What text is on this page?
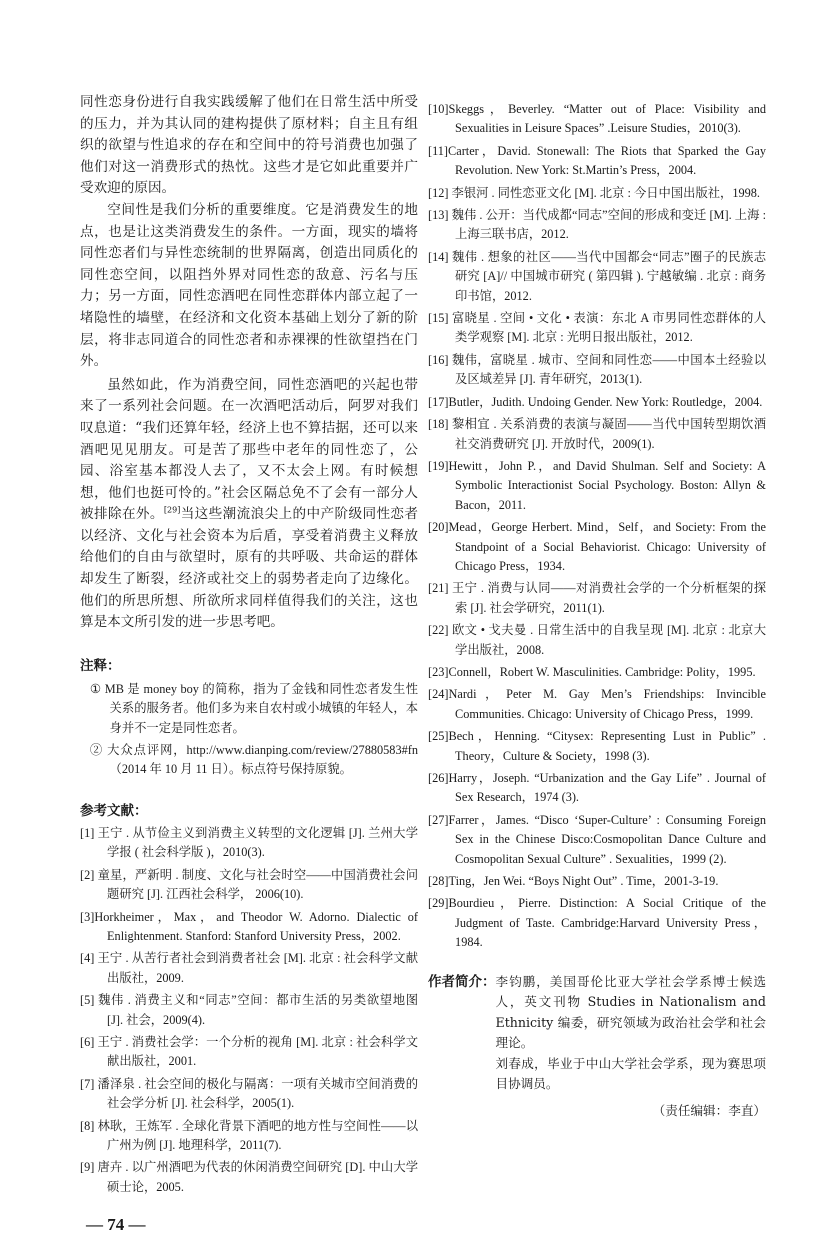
同性恋身份进行自我实践缓解了他们在日常生活中所受的压力，并为其认同的建构提供了原材料；自主且有组织的欲望与性追求的存在和空间中的符号消费也加强了他们对这一消费形式的热忱。这些才是它如此重要并广受欢迎的原因。

空间性是我们分析的重要维度。它是消费发生的地点，也是让这类消费发生的条件。一方面，现实的墙将同性恋者们与异性恋统制的世界隔离，创造出同质化的同性恋空间，以阻挡外界对同性恋的敌意、污名与压力；另一方面，同性恋酒吧在同性恋群体内部立起了一堵隐性的墙壁，在经济和文化资本基础上划分了新的阶层，将非志同道合的同性恋者和赤裸裸的性欲望挡在门外。

虽然如此，作为消费空间，同性恋酒吧的兴起也带来了一系列社会问题。在一次酒吧活动后，阿罗对我们叹息道：“我们还算年轻，经济上也不算拮据，还可以来酒吧见见朋友。可是苦了那些中老年的同性恋了，公园、浴室基本都没人去了，又不太会上网。有时候想想，他们也挺可怜的。”社会区隔总免不了会有一部分人被排除在外。[29]当这些潮流浪尖上的中产阶级同性恋者以经济、文化与社会资本为后盾，享受着消费主义释放给他们的自由与欲望时，原有的共呼吸、共命运的群体却发生了断裂，经济或社交上的弱势者走向了边缘化。他们的所思所想、所欲所求同样值得我们的关注，这也算是本文所引发的进一步思考吧。

注释：

① MB 是 money boy 的简称，指为了金钱和同性恋者发生性关系的服务者。他们多为来自农村或小城镇的年轻人，本身并不一定是同性恋者。

② 大众点评网，http://www.dianping.com/review/27880583#fn（2014 年 10 月 11 日）。标点符号保持原貌。

参考文献：

[1] 王宁 . 从节俭主义到消费主义转型的文化逻辑 [J]. 兰州大学学报 ( 社会科学版 )，2010(3).

[2] 童星，严新明 . 制度、文化与社会时空——中国消费社会问题研究 [J]. 江西社会科学， 2006(10).

[3]Horkheimer，Max，and Theodor W. Adorno. Dialectic of Enlightenment. Stanford: Stanford University Press，2002.

[4] 王宁 . 从苦行者社会到消费者社会 [M]. 北京 : 社会科学文献出版社，2009.

[5] 魏伟 . 消费主义和“同志”空间：都市生活的另类欲望地图 [J]. 社会，2009(4).

[6] 王宁 . 消费社会学：一个分析的视角 [M]. 北京 : 社会科学文献出版社，2001.

[7] 潘泽泉 . 社会空间的极化与隔离：一项有关城市空间消费的社会学分析 [J]. 社会科学，2005(1).

[8] 林耿，王炼军 . 全球化背景下酒吧的地方性与空间性——以广州为例 [J]. 地理科学，2011(7).

[9] 唐卉 . 以广州酒吧为代表的休闲消费空间研究 [D]. 中山大学硕士论，2005.

— 74 —

[10]Skeggs，Beverley. “Matter out of Place: Visibility and Sexualities in Leisure Spaces” .Leisure Studies，2010(3).

[11]Carter，David. Stonewall: The Riots that Sparked the Gay Revolution. New York: St.Martin’s Press，2004.

[12] 李银河 . 同性恋亚文化 [M]. 北京 : 今日中国出版社，1998.

[13] 魏伟 . 公开：当代成都“同志”空间的形成和变迁 [M]. 上海 : 上海三联书店，2012.

[14] 魏伟 . 想象的社区——当代中国都会“同志”圈子的民族志研究 [A]// 中国城市研究 ( 第四辑 ). 宁越敏编 . 北京 : 商务印书馆，2012.

[15] 富晓星 . 空间 • 文化 • 表演：东北 A 市男同性恋群体的人类学观察 [M]. 北京 : 光明日报出版社，2012.

[16] 魏伟，富晓星 . 城市、空间和同性恋——中国本土经验以及区域差异 [J]. 青年研究，2013(1).

[17]Butler，Judith. Undoing Gender. New York: Routledge，2004.

[18] 黎相宜 . 关系消费的表演与凝固——当代中国转型期饮酒社交消费研究 [J]. 开放时代，2009(1).

[19]Hewitt，John P.，and David Shulman. Self and Society: A Symbolic Interactionist Social Psychology. Boston: Allyn & Bacon，2011.

[20]Mead，George Herbert. Mind，Self，and Society: From the Standpoint of a Social Behaviorist. Chicago: University of Chicago Press，1934.

[21] 王宁 . 消费与认同——对消费社会学的一个分析框架的探索 [J]. 社会学研究，2011(1).

[22] 欧文 • 戈夫曼 . 日常生活中的自我呈现 [M]. 北京 : 北京大学出版社，2008.

[23]Connell，Robert W. Masculinities. Cambridge: Polity，1995.

[24]Nardi，Peter M. Gay Men’s Friendships: Invincible Communities. Chicago: University of Chicago Press，1999.

[25]Bech，Henning. “Citysex: Representing Lust in Public” . Theory，Culture & Society，1998 (3).

[26]Harry，Joseph. “Urbanization and the Gay Life” . Journal of Sex Research，1974 (3).

[27]Farrer，James. “Disco ‘Super-Culture’ : Consuming Foreign Sex in the Chinese Disco:Cosmopolitan Dance Culture and Cosmopolitan Sexual Culture” . Sexualities，1999 (2).

[28]Ting，Jen Wei. “Boys Night Out” . Time，2001-3-19.

[29]Bourdieu，Pierre. Distinction: A Social Critique of the Judgment of Taste. Cambridge:Harvard University Press，1984.

作者简介： 李钧鹏，美国哥伦比亚大学社会学系博士候选人，英文刊物 Studies in Nationalism and Ethnicity 编委，研究领域为政治社会学和社会理论。

刘春成，毕业于中山大学社会学系，现为赛思项目协调员。

（责任编辑：李直）
